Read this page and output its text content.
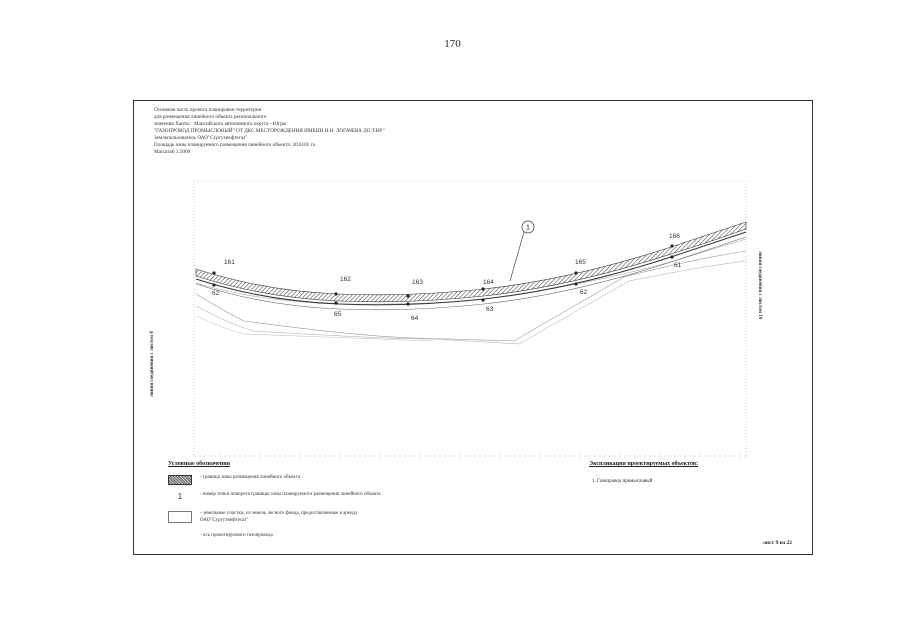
170
Основная часть проекта планировки территории
для размещения линейного объекта регионального
значения Ханты - Мансийского автономного округа - Югры
"ГАЗОПРОВОД ПРОМЫСЛОВЫЙ" ОТ ДКС МЕСТОРОЖДЕНИЯ ИМЕНИ И.Н. ЛОГАЧЕВА ДО Т.ВР."
Землепользователь ОАО"Сургутнефтегаз"
Площадь зоны планируемого размещения линейного объекта: 30,6101 га
Масштаб 1:5000
161
162	163	164
165
166
62
65
64
63
62
61
1
линия соединения с листом 8
линия соединения с листом 10
Условные обозначения
- граница зоны размещения линейного объекта
1	- номер точки поворота границы зоны планируемого размещения линейного объекта
- земельные участки, из земель лесного фонда, предоставленные в аренду ОАО"Сургутнефтегаз"
- ось проектируемого газопровода
Экспликация проектируемых объектов:
1. Газопровод промысловый
лист 9 из 22
